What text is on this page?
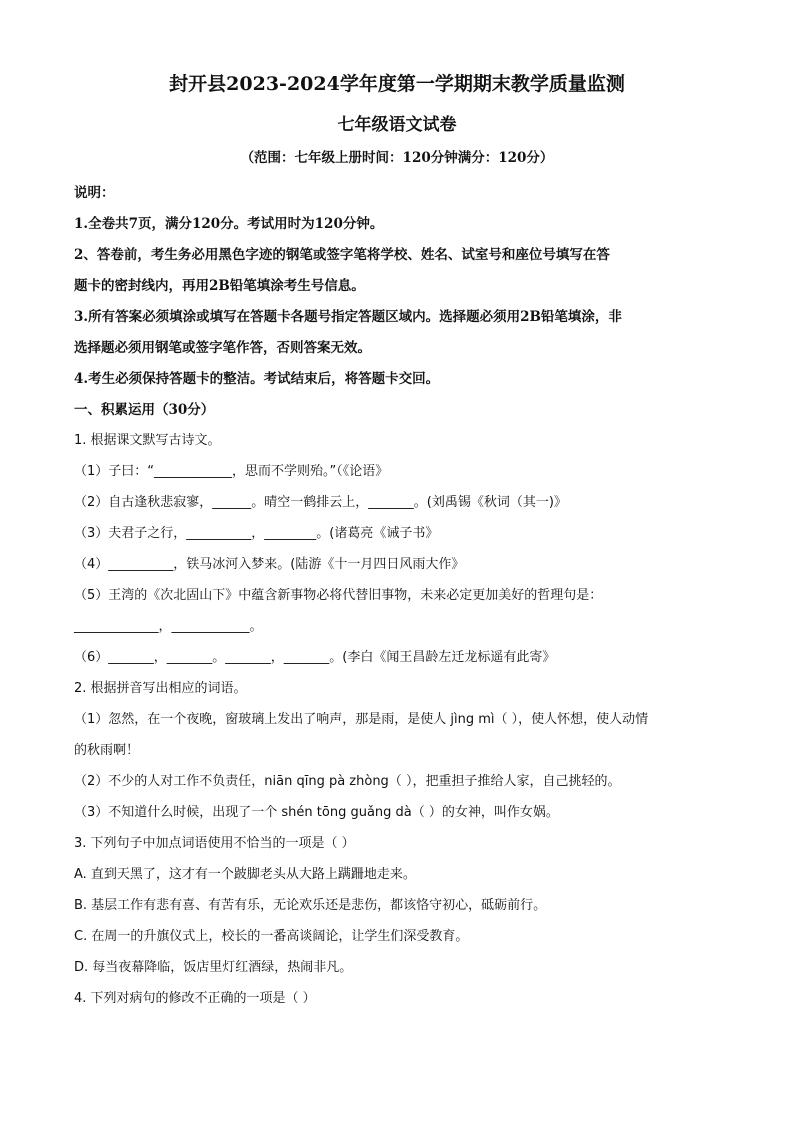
封开县2023-2024学年度第一学期期末教学质量监测
七年级语文试卷
（范围：七年级上册时间：120分钟满分：120分）
说明：
1.全卷共7页，满分120分。考试用时为120分钟。
2、答卷前，考生务必用黑色字迹的钢笔或签字笔将学校、姓名、试室号和座位号填写在答
题卡的密封线内，再用2B铅笔填涂考生号信息。
3.所有答案必须填涂或填写在答题卡各题号指定答题区域内。选择题必须用2B铅笔填涂，非
选择题必须用钢笔或签字笔作答，否则答案无效。
4.考生必须保持答题卡的整洁。考试结束后，将答题卡交回。
一、积累运用（30分）
1. 根据课文默写古诗文。
（1）子曰：“____________，思而不学则殆。”（《论语》
（2）自古逢秋悲寂寥，______。晴空一鹤排云上，_______。(刘禹锡《秋词（其一)》
（3）夫君子之行，__________，________。(诸葛亮《诫子书》
（4）__________，铁马冰河入梦来。(陆游《十一月四日风雨大作》
（5）王湾的《次北固山下》中蕴含新事物必将代替旧事物，未来必定更加美好的哲理句是：
_____________，____________。
（6）_______，_______。_______，_______。(李白《闻王昌龄左迁龙标遥有此寄》
2. 根据拼音写出相应的词语。
（1）忽然，在一个夜晚，窗玻璃上发出了响声，那是雨，是使人 jìng mì（ ），使人怀想，使人动情
的秋雨啊！
（2）不少的人对工作不负责任，niān qīng pà zhòng（ ），把重担子推给人家，自己挑轻的。
（3）不知道什么时候，出现了一个 shén tōng guǎng dà（ ）的女神，叫作女娲。
3. 下列句子中加点词语使用不恰当的一项是（ ）
A. 直到天黑了，这才有一个跛脚老头从大路上蹒跚地走来。
B. 基层工作有悲有喜、有苦有乐，无论欢乐还是悲伤，都该恪守初心，砥砺前行。
C. 在周一的升旗仪式上，校长的一番高谈阔论，让学生们深受教育。
D. 每当夜幕降临，饭店里灯红酒绿，热闹非凡。
4. 下列对病句的修改不正确的一项是（ ）
